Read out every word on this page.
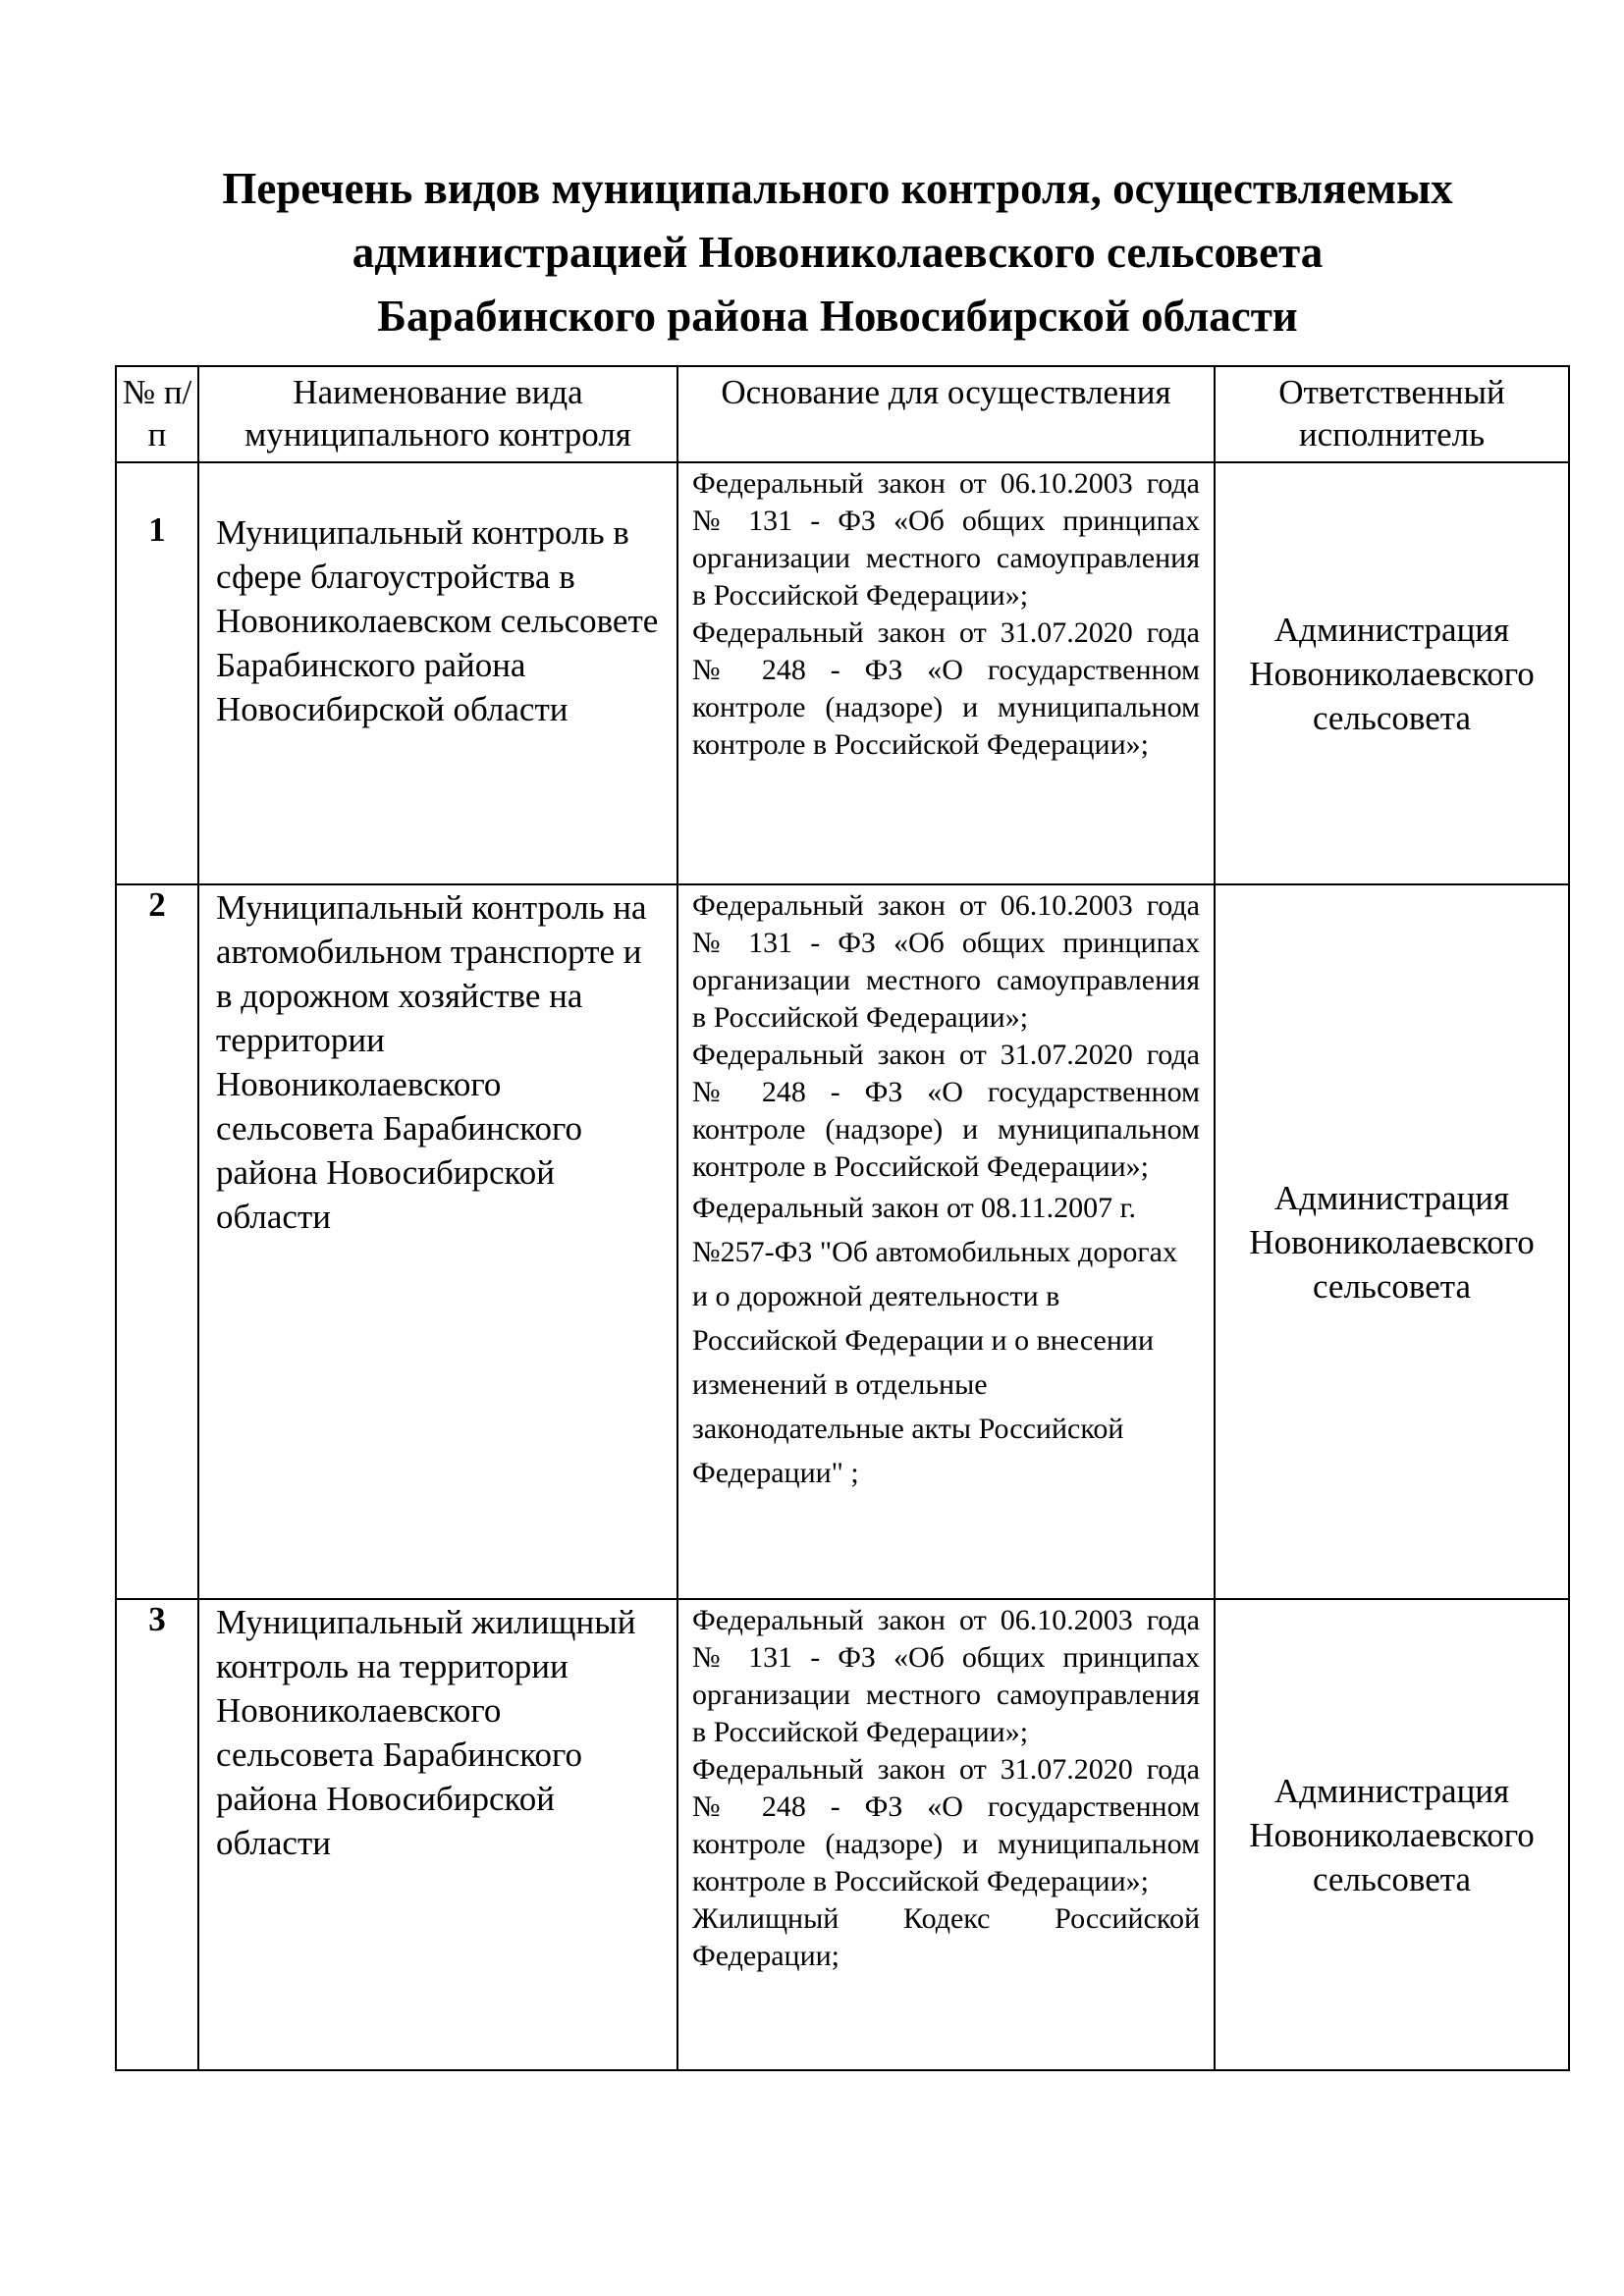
Перечень видов муниципального контроля, осуществляемых
администрацией Новониколаевского сельсовета
Барабинского района Новосибирской области
№ п/п	Наименование вида муниципального контроля	Основание для осуществления	Ответственный исполнитель
1	Муниципальный контроль в сфере благоустройства в Новониколаевском сельсовете Барабинского района Новосибирской области	Федеральный закон от 06.10.2003 года № 131 - ФЗ «Об общих принципах организации местного самоуправления в Российской Федерации»;

Федеральный закон от 31.07.2020 года № 248 - ФЗ «О государственном контроле (надзоре) и муниципальном контроле в Российской Федерации»;	Администрация Новониколаевского сельсовета
2	Муниципальный контроль на автомобильном транспорте и в дорожном хозяйстве на территории Новониколаевского сельсовета Барабинского района Новосибирской области	Федеральный закон от 06.10.2003 года № 131 - ФЗ «Об общих принципах организации местного самоуправления в Российской Федерации»;

Федеральный закон от 31.07.2020 года № 248 - ФЗ «О государственном контроле (надзоре) и муниципальном контроле в Российской Федерации»;

Федеральный закон от 08.11.2007 г. №257-ФЗ "Об автомобильных дорогах и о дорожной деятельности в Российской Федерации и о внесении изменений в отдельные законодательные акты Российской Федерации" ;	Администрация Новониколаевского сельсовета
3	Муниципальный жилищный контроль на территории Новониколаевского сельсовета Барабинского района Новосибирской области	Федеральный закон от 06.10.2003 года № 131 - ФЗ «Об общих принципах организации местного самоуправления в Российской Федерации»;

Федеральный закон от 31.07.2020 года № 248 - ФЗ «О государственном контроле (надзоре) и муниципальном контроле в Российской Федерации»;

Жилищный Кодекс Российской Федерации;	Администрация Новониколаевского сельсовета
